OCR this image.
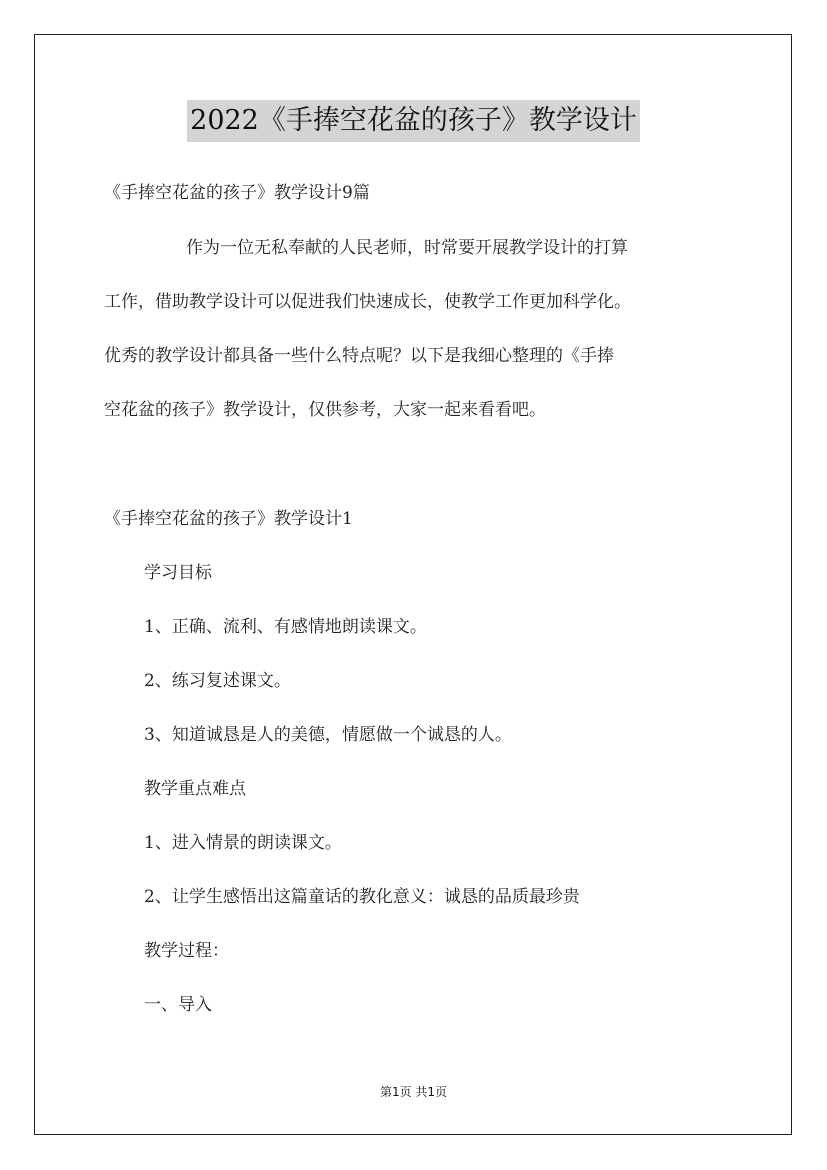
2022《手捧空花盆的孩子》教学设计
《手捧空花盆的孩子》教学设计9篇
作为一位无私奉献的人民老师，时常要开展教学设计的打算
工作，借助教学设计可以促进我们快速成长，使教学工作更加科学化。
优秀的教学设计都具备一些什么特点呢？以下是我细心整理的《手捧
空花盆的孩子》教学设计，仅供参考，大家一起来看看吧。
《手捧空花盆的孩子》教学设计1
学习目标
1、正确、流利、有感情地朗读课文。
2、练习复述课文。
3、知道诚恳是人的美德，情愿做一个诚恳的人。
教学重点难点
1、进入情景的朗读课文。
2、让学生感悟出这篇童话的教化意义：诚恳的品质最珍贵
教学过程：
一、导入
第1页 共1页
